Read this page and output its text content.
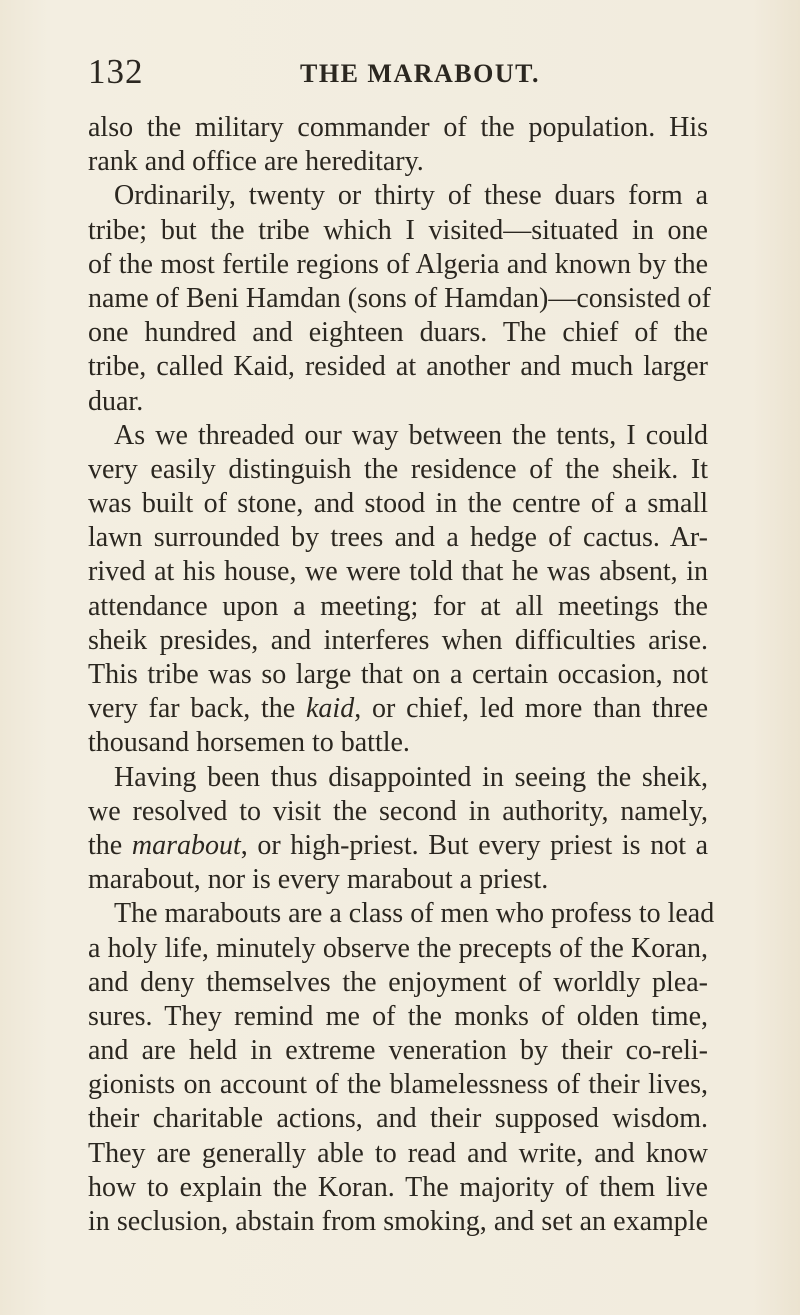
132	THE MARABOUT.
also the military commander of the population. His
rank and office are hereditary.
Ordinarily, twenty or thirty of these duars form a
tribe; but the tribe which I visited—situated in one
of the most fertile regions of Algeria and known by the
name of Beni Hamdan (sons of Hamdan)—consisted of
one hundred and eighteen duars. The chief of the
tribe, called Kaid, resided at another and much larger
duar.
As we threaded our way between the tents, I could
very easily distinguish the residence of the sheik. It
was built of stone, and stood in the centre of a small
lawn surrounded by trees and a hedge of cactus. Ar-
rived at his house, we were told that he was absent, in
attendance upon a meeting; for at all meetings the
sheik presides, and interferes when difficulties arise.
This tribe was so large that on a certain occasion, not
very far back, the kaid, or chief, led more than three
thousand horsemen to battle.
Having been thus disappointed in seeing the sheik,
we resolved to visit the second in authority, namely,
the marabout, or high-priest. But every priest is not a
marabout, nor is every marabout a priest.
The marabouts are a class of men who profess to lead
a holy life, minutely observe the precepts of the Koran,
and deny themselves the enjoyment of worldly plea-
sures. They remind me of the monks of olden time,
and are held in extreme veneration by their co-reli-
gionists on account of the blamelessness of their lives,
their charitable actions, and their supposed wisdom.
They are generally able to read and write, and know
how to explain the Koran. The majority of them live
in seclusion, abstain from smoking, and set an example
